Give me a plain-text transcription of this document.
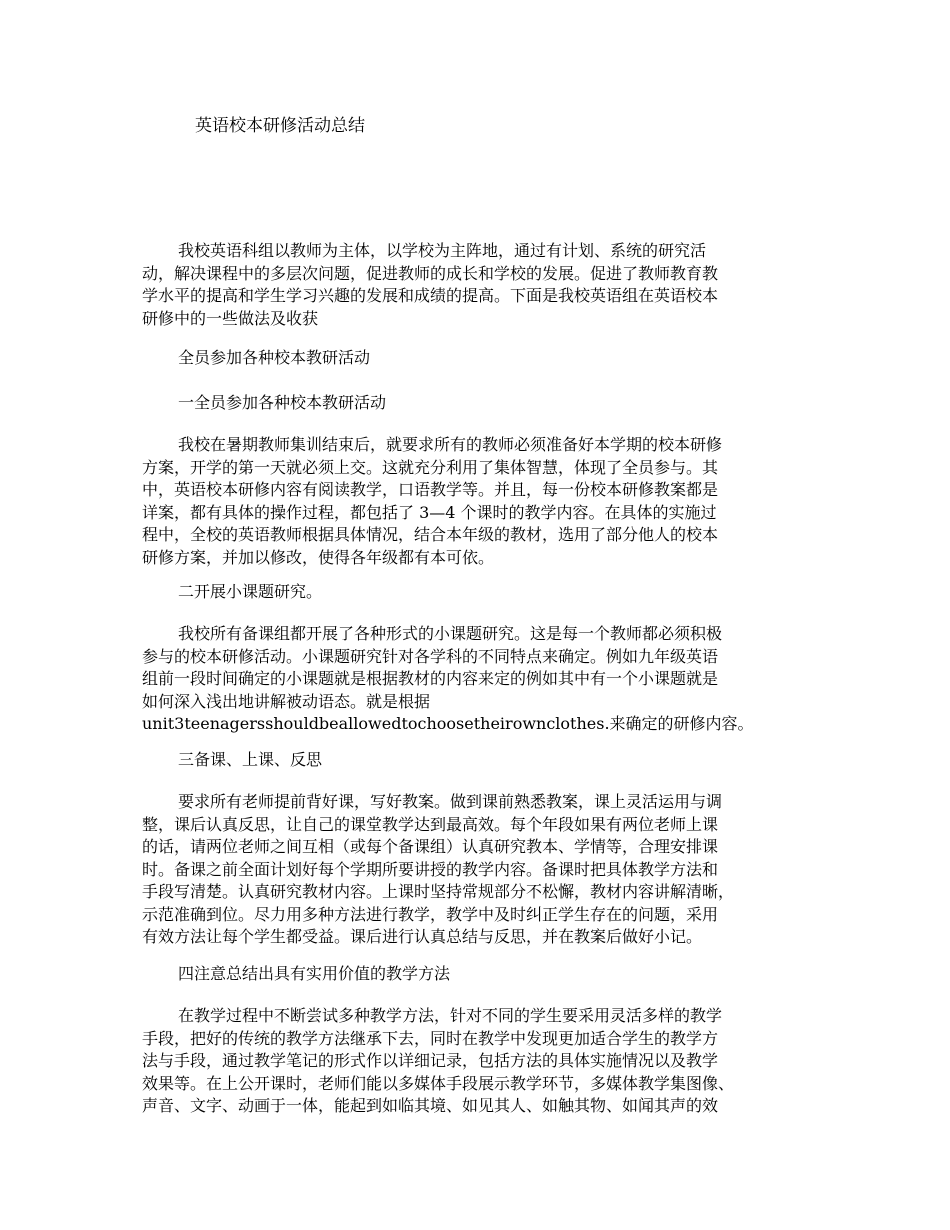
英语校本研修活动总结

我校英语科组以教师为主体，以学校为主阵地，通过有计划、系统的研究活
动，解决课程中的多层次问题，促进教师的成长和学校的发展。促进了教师教育教
学水平的提高和学生学习兴趣的发展和成绩的提高。下面是我校英语组在英语校本
研修中的一些做法及收获

全员参加各种校本教研活动
一全员参加各种校本教研活动

我校在暑期教师集训结束后，就要求所有的教师必须准备好本学期的校本研修
方案，开学的第一天就必须上交。这就充分利用了集体智慧，体现了全员参与。其
中，英语校本研修内容有阅读教学，口语教学等。并且，每一份校本研修教案都是
详案，都有具体的操作过程，都包括了 3—4 个课时的教学内容。在具体的实施过
程中，全校的英语教师根据具体情况，结合本年级的教材，选用了部分他人的校本
研修方案，并加以修改，使得各年级都有本可依。

二开展小课题研究。

我校所有备课组都开展了各种形式的小课题研究。这是每一个教师都必须积极
参与的校本研修活动。小课题研究针对各学科的不同特点来确定。例如九年级英语
组前一段时间确定的小课题就是根据教材的内容来定的例如其中有一个小课题就是
如何深入浅出地讲解被动语态。就是根据
unit3teenagersshouldbeallowedtochoosetheirownclothes.来确定的研修内容。

三备课、上课、反思

要求所有老师提前背好课，写好教案。做到课前熟悉教案，课上灵活运用与调
整，课后认真反思，让自己的课堂教学达到最高效。每个年段如果有两位老师上课
的话，请两位老师之间互相（或每个备课组）认真研究教本、学情等，合理安排课
时。备课之前全面计划好每个学期所要讲授的教学内容。备课时把具体教学方法和
手段写清楚。认真研究教材内容。上课时坚持常规部分不松懈，教材内容讲解清晰，
示范准确到位。尽力用多种方法进行教学，教学中及时纠正学生存在的问题，采用
有效方法让每个学生都受益。课后进行认真总结与反思，并在教案后做好小记。

四注意总结出具有实用价值的教学方法

在教学过程中不断尝试多种教学方法，针对不同的学生要采用灵活多样的教学
手段，把好的传统的教学方法继承下去，同时在教学中发现更加适合学生的教学方
法与手段，通过教学笔记的形式作以详细记录，包括方法的具体实施情况以及教学
效果等。在上公开课时，老师们能以多媒体手段展示教学环节，多媒体教学集图像、
声音、文字、动画于一体，能起到如临其境、如见其人、如触其物、如闻其声的效
